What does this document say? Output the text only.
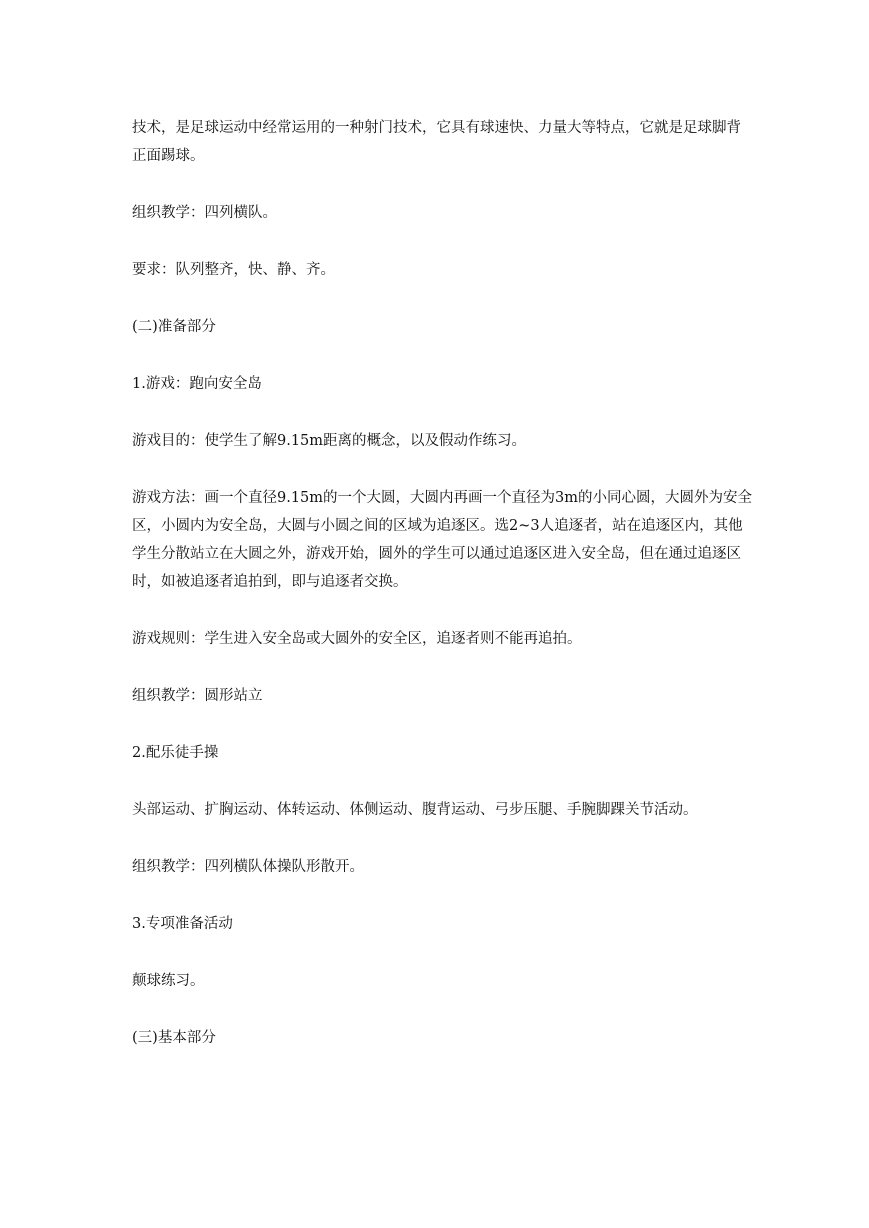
技术，是足球运动中经常运用的一种射门技术，它具有球速快、力量大等特点，它就是足球脚背正面踢球。

组织教学：四列横队。

要求：队列整齐，快、静、齐。

(二)准备部分

1.游戏：跑向安全岛

游戏目的：使学生了解9.15m距离的概念，以及假动作练习。

游戏方法：画一个直径9.15m的一个大圆，大圆内再画一个直径为3m的小同心圆，大圆外为安全区，小圆内为安全岛，大圆与小圆之间的区域为追逐区。选2~3人追逐者，站在追逐区内，其他学生分散站立在大圆之外，游戏开始，圆外的学生可以通过追逐区进入安全岛，但在通过追逐区时，如被追逐者追拍到，即与追逐者交换。

游戏规则：学生进入安全岛或大圆外的安全区，追逐者则不能再追拍。

组织教学：圆形站立

2.配乐徒手操

头部运动、扩胸运动、体转运动、体侧运动、腹背运动、弓步压腿、手腕脚踝关节活动。

组织教学：四列横队体操队形散开。

3.专项准备活动

颠球练习。

(三)基本部分
